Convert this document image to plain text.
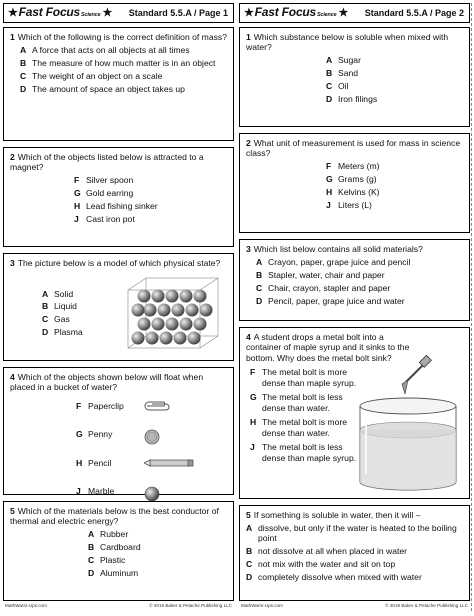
★Fast FocusScience ★ Standard 5.5.A / Page 1
1 Which of the following is the correct definition of mass?
A A force that acts on all objects at all times
B The measure of how much matter is in an object
C The weight of an object on a scale
D The amount of space an object takes up
2 Which of the objects listed below is attracted to a magnet?
F Silver spoon
G Gold earring
H Lead fishing sinker
J Cast iron pot
3 The picture below is a model of which physical state?
A Solid
B Liquid
C Gas
D Plasma
4 Which of the objects shown below will float when placed in a bucket of water?
F Paperclip
G Penny
H Pencil
J Marble
5 Which of the materials below is the best conductor of thermal and electric energy?
A Rubber
B Cardboard
C Plastic
D Aluminum
MathWarm-Ups.com	© 2019 Baker & Petache Publishing LLC
★Fast FocusScience ★ Standard 5.5.A / Page 2
1 Which substance below is soluble when mixed with water?
A Sugar
B Sand
C Oil
D Iron filings
2 What unit of measurement is used for mass in science class?
F Meters (m)
G Grams (g)
H Kelvins (K)
J Liters (L)
3 Which list below contains all solid materials?
A Crayon, paper, grape juice and pencil
B Stapler, water, chair and paper
C Chair, crayon, stapler and paper
D Pencil, paper, grape juice and water
4 A student drops a metal bolt into a container of maple syrup and it sinks to the bottom. Why does the metal bolt sink?
F The metal bolt is more dense than maple syrup.
G The metal bolt is less dense than water.
H The metal bolt is more dense than water.
J The metal bolt is less dense than maple syrup.
5 If something is soluble in water, then it will –
A dissolve, but only if the water is heated to the boiling point
B not dissolve at all when placed in water
C not mix with the water and sit on top
D completely dissolve when mixed with water
MathWarm-Ups.com	© 2019 Baker & Petache Publishing LLC
